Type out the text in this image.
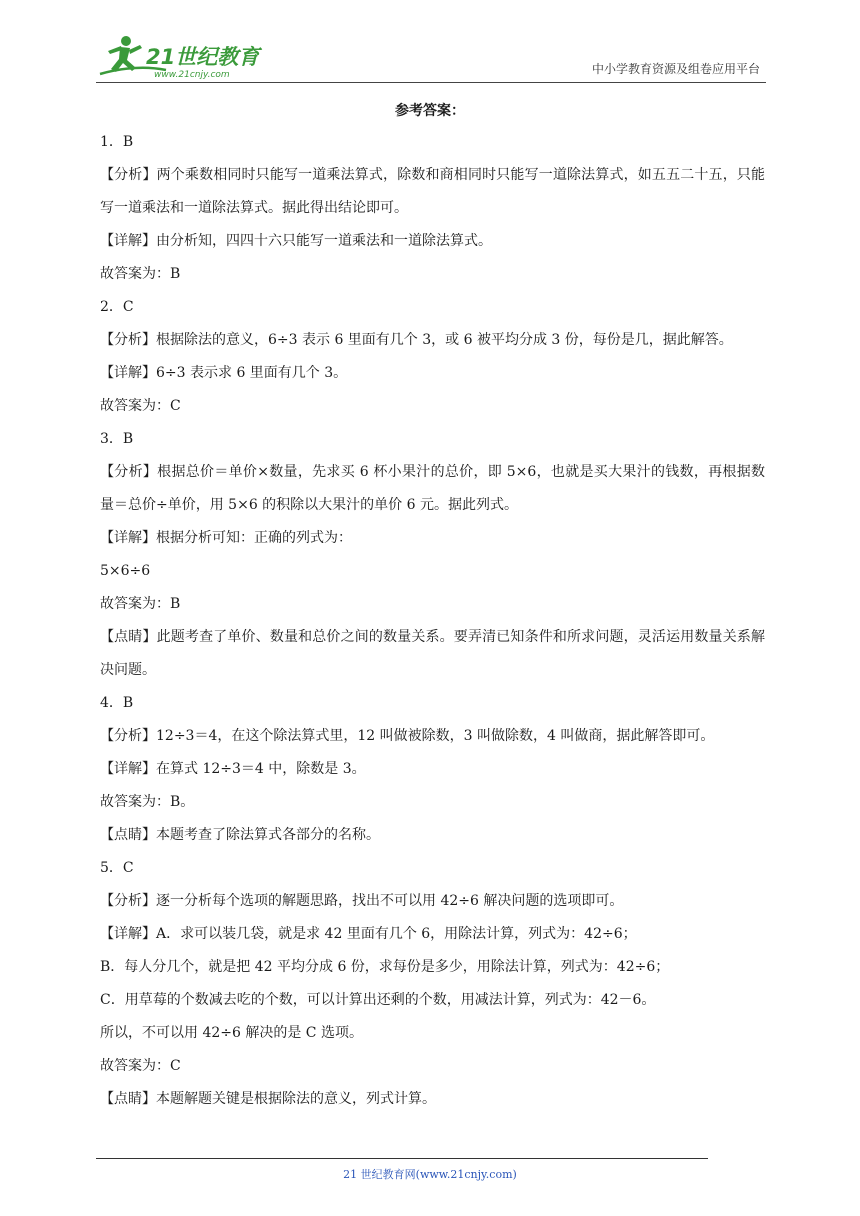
21世纪教育
www.21cnjy.com	中小学教育资源及组卷应用平台
参考答案：
1．B
【分析】两个乘数相同时只能写一道乘法算式，除数和商相同时只能写一道除法算式，如五五二十五，只能写一道乘法和一道除法算式。据此得出结论即可。
【详解】由分析知，四四十六只能写一道乘法和一道除法算式。
故答案为：B
2．C
【分析】根据除法的意义，6÷3 表示 6 里面有几个 3，或 6 被平均分成 3 份，每份是几，据此解答。
【详解】6÷3 表示求 6 里面有几个 3。
故答案为：C
3．B
【分析】根据总价＝单价×数量，先求买 6 杯小果汁的总价，即 5×6，也就是买大果汁的钱数，再根据数量＝总价÷单价，用 5×6 的积除以大果汁的单价 6 元。据此列式。
【详解】根据分析可知：正确的列式为：
5×6÷6
故答案为：B
【点睛】此题考查了单价、数量和总价之间的数量关系。要弄清已知条件和所求问题，灵活运用数量关系解决问题。
4．B
【分析】12÷3＝4，在这个除法算式里，12 叫做被除数，3 叫做除数，4 叫做商，据此解答即可。
【详解】在算式 12÷3＝4 中，除数是 3。
故答案为：B。
【点睛】本题考查了除法算式各部分的名称。
5．C
【分析】逐一分析每个选项的解题思路，找出不可以用 42÷6 解决问题的选项即可。
【详解】A．求可以装几袋，就是求 42 里面有几个 6，用除法计算，列式为：42÷6；
B．每人分几个，就是把 42 平均分成 6 份，求每份是多少，用除法计算，列式为：42÷6；
C．用草莓的个数减去吃的个数，可以计算出还剩的个数，用减法计算，列式为：42－6。
所以，不可以用 42÷6 解决的是 C 选项。
故答案为：C
【点睛】本题解题关键是根据除法的意义，列式计算。
21 世纪教育网(www.21cnjy.com)
